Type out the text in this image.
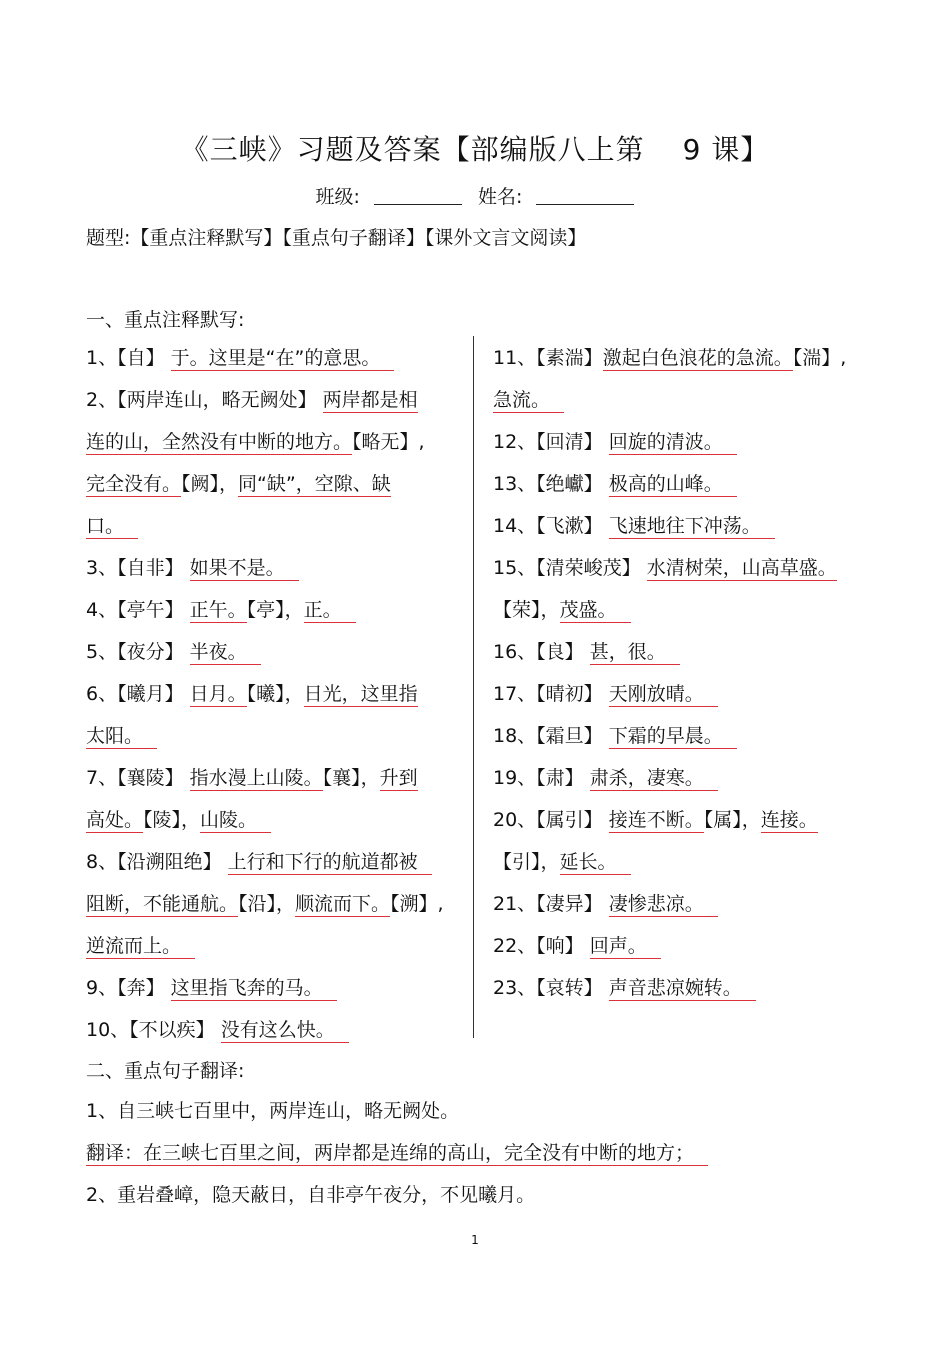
《三峡》习题及答案【部编版八上第 9 课】
班级:	姓名:
题型:【重点注释默写】【重点句子翻译】【课外文言文阅读】
一、重点注释默写:
1、【自】 于。这里是“在”的意思。
2、【两岸连山，略无阙处】 两岸都是相
连的山，全然没有中断的地方。【略无】,
完全没有。【阙】，同“缺”，空隙、缺
口。
3、【自非】 如果不是。
4、【亭午】 正午。【亭】，正。
5、【夜分】 半夜。
6、【曦月】 日月。【曦】，日光，这里指
太阳。
7、【襄陵】 指水漫上山陵。【襄】，升到
高处。【陵】，山陵。
8、【沿溯阻绝】 上行和下行的航道都被
阻断，不能通航。【沿】，顺流而下。【溯】,
逆流而上。
9、【奔】 这里指飞奔的马。
10、【不以疾】 没有这么快。
11、【素湍】激起白色浪花的急流。【湍】,
急流。
12、【回清】 回旋的清波。
13、【绝巘】 极高的山峰。
14、【飞漱】 飞速地往下冲荡。
15、【清荣峻茂】 水清树荣，山高草盛。
【荣】，茂盛。
16、【良】 甚，很。
17、【晴初】 天刚放晴。
18、【霜旦】 下霜的早晨。
19、【肃】 肃杀，凄寒。
20、【属引】 接连不断。【属】，连接。
【引】，延长。
21、【凄异】 凄惨悲凉。
22、【响】 回声。
23、【哀转】 声音悲凉婉转。
二、重点句子翻译:
1、自三峡七百里中，两岸连山，略无阙处。
翻译：在三峡七百里之间，两岸都是连绵的高山，完全没有中断的地方；
2、重岩叠嶂，隐天蔽日，自非亭午夜分，不见曦月。
1
